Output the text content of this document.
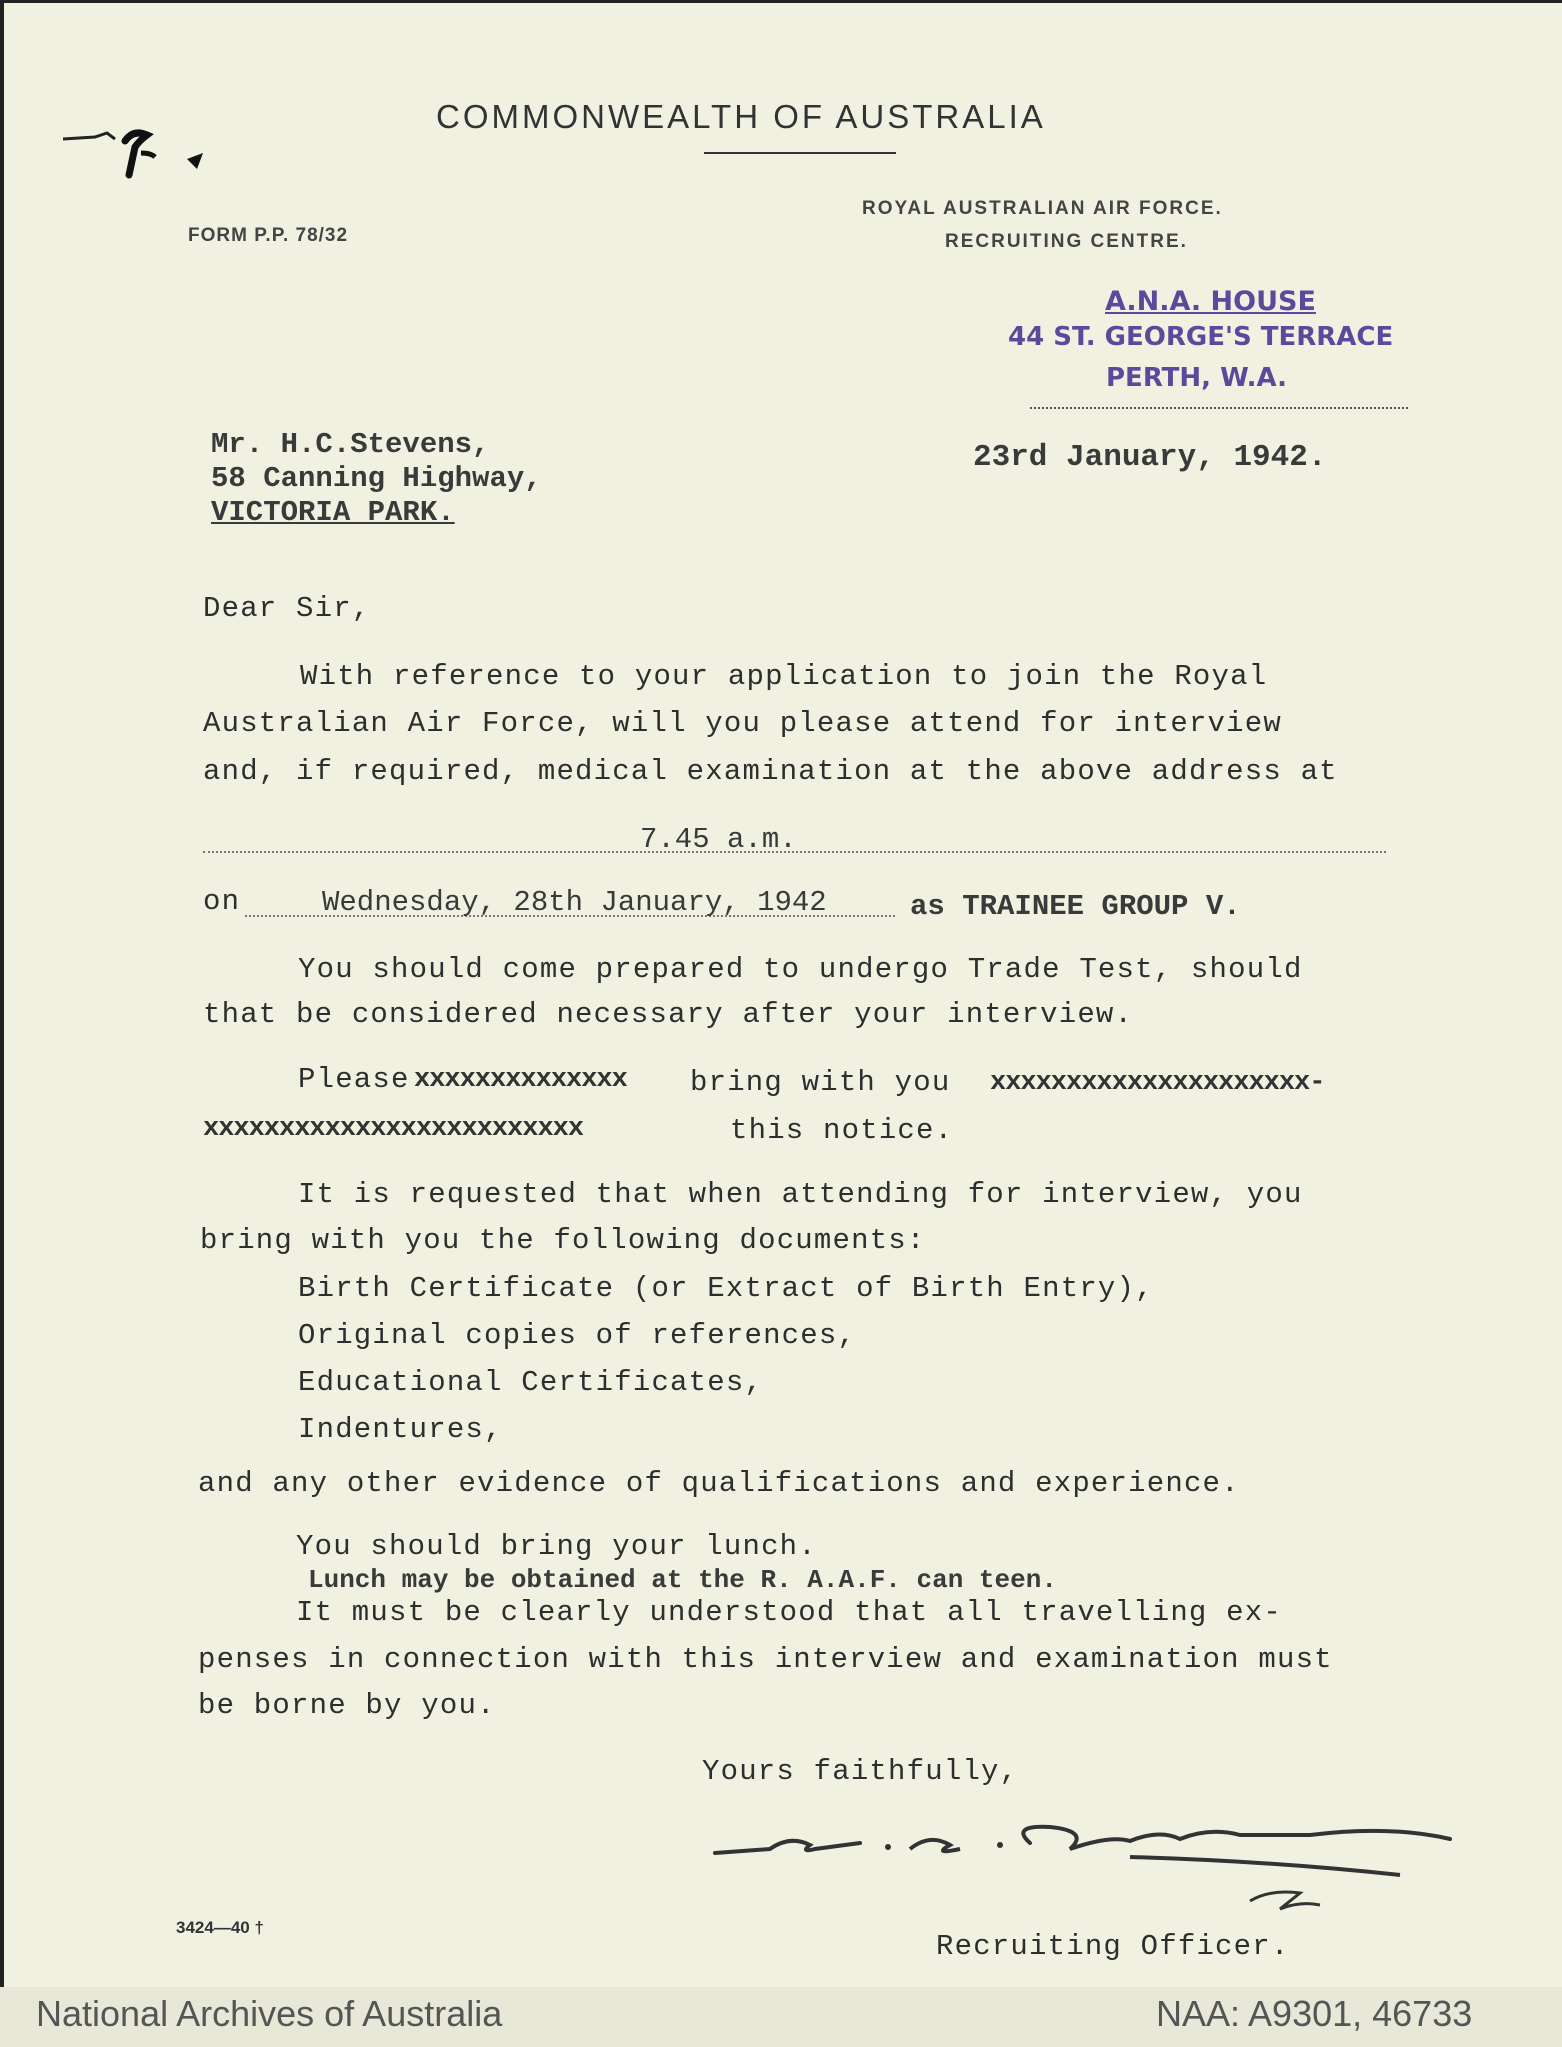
COMMONWEALTH OF AUSTRALIA
FORM P.P. 78/32
ROYAL AUSTRALIAN AIR FORCE.
RECRUITING CENTRE.
A.N.A. HOUSE
44 ST. GEORGE'S TERRACE
PERTH, W.A.
Mr. H.C.Stevens,
58 Canning Highway,
VICTORIA PARK.
23rd January, 1942.
Dear Sir,
With reference to your application to join the Royal
Australian Air Force, will you please attend for interview
and, if required, medical examination at the above address at
7.45 a.m.
on	Wednesday, 28th January, 1942	as TRAINEE GROUP V.
You should come prepared to undergo Trade Test, should
that be considered necessary after your interview.
Please xxxxxxxxxxxxxx bring with you xxxxxxxxxxxxxxxxxxxxx-
xxxxxxxxxxxxxxxxxxxxxxxxx	this notice.
It is requested that when attending for interview, you
bring with you the following documents:
Birth Certificate (or Extract of Birth Entry),
Original copies of references,
Educational Certificates,
Indentures,
and any other evidence of qualifications and experience.
You should bring your lunch.
Lunch may be obtained at the R. A.A.F. can teen.
It must be clearly understood that all travelling ex-
penses in connection with this interview and examination must
be borne by you.
Yours faithfully,
3424—40 †
Recruiting Officer.
National Archives of Australia	NAA: A9301, 46733
